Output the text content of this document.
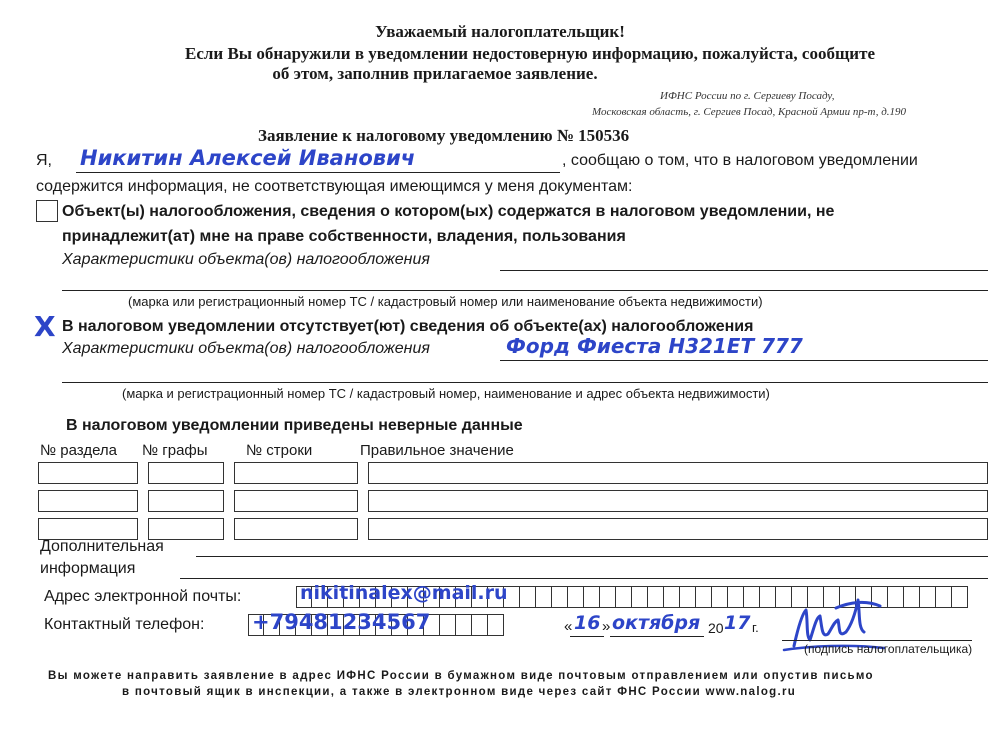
Уважаемый налогоплательщик!
Если Вы обнаружили в уведомлении недостоверную информацию, пожалуйста, сообщите
об этом, заполнив прилагаемое заявление.
ИФНС России по г. Сергиеву Посаду,
Московская область, г. Сергиев Посад, Красной Армии пр-т, д.190
Заявление к налоговому уведомлению № 150536
Я, Никитин Алексей Иванович	, сообщаю о том, что в налоговом уведомлении
содержится информация, не соответствующая имеющимся у меня документам:
Объект(ы) налогообложения, сведения о котором(ых) содержатся в налоговом уведомлении, не
принадлежит(ат) мне на праве собственности, владения, пользования
Характеристики объекта(ов) налогообложения
(марка или регистрационный номер ТС / кадастровый номер или наименование объекта недвижимости)
X В налоговом уведомлении отсутствует(ют) сведения об объекте(ах) налогообложения
Характеристики объекта(ов) налогообложения	Форд Фиеста Н321ЕТ 777
(марка и регистрационный номер ТС / кадастровый номер, наименование и адрес объекта недвижимости)
В налоговом уведомлении приведены неверные данные
№ раздела № графы	№ строки	Правильное значение
Дополнительная
информация
Адрес электронной почты:	nikitinalex@mail.ru
Контактный телефон: +79481234567	« 16 » октября 20 17 г.
(подпись налогоплательщика)
Вы можете направить заявление в адрес ИФНС России в бумажном виде почтовым отправлением или опустив письмо
в почтовый ящик в инспекции, а также в электронном виде через сайт ФНС России www.nalog.ru
